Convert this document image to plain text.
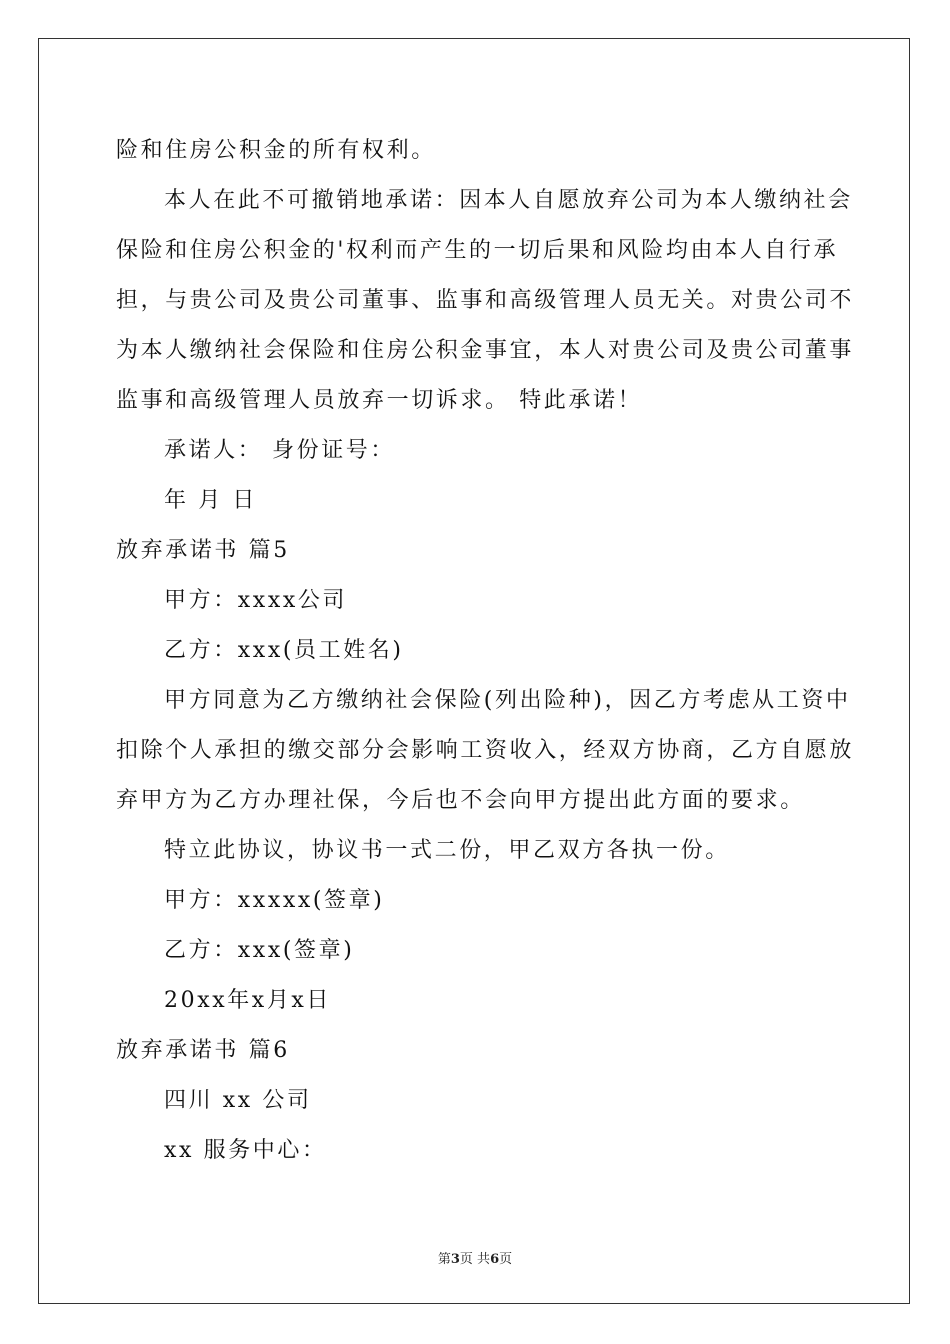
险和住房公积金的所有权利。
本人在此不可撤销地承诺：因本人自愿放弃公司为本人缴纳社会
保险和住房公积金的'权利而产生的一切后果和风险均由本人自行承
担，与贵公司及贵公司董事、监事和高级管理人员无关。对贵公司不
为本人缴纳社会保险和住房公积金事宜，本人对贵公司及贵公司董事
监事和高级管理人员放弃一切诉求。 特此承诺！
承诺人： 身份证号：
年 月 日
放弃承诺书 篇5
甲方：xxxx公司
乙方：xxx(员工姓名)
甲方同意为乙方缴纳社会保险(列出险种)，因乙方考虑从工资中
扣除个人承担的缴交部分会影响工资收入，经双方协商，乙方自愿放
弃甲方为乙方办理社保，今后也不会向甲方提出此方面的要求。
特立此协议，协议书一式二份，甲乙双方各执一份。
甲方：xxxxx(签章)
乙方：xxx(签章)
20xx年x月x日
放弃承诺书 篇6
四川 xx 公司
xx 服务中心：
第3页 共6页
